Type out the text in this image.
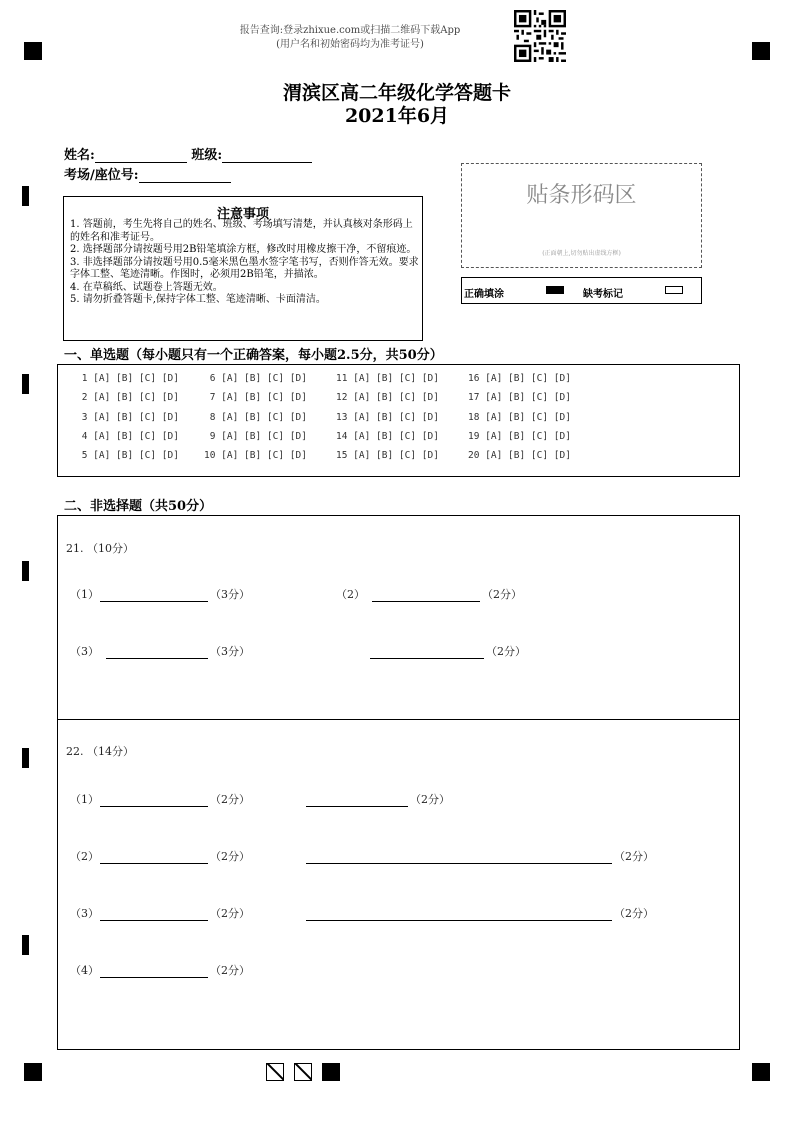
报告查询:登录zhixue.com或扫描二维码下载App
(用户名和初始密码均为准考证号)
渭滨区高二年级化学答题卡
2021年6月
姓名:	班级:
考场/座位号:
贴条形码区
(正面朝上,切勿贴出虚线方框)
正确填涂	缺考标记
注意事项
1. 答题前，考生先将自己的姓名、班级、考场填写清楚，并认真核对条形码上的姓名和准考证号。
2. 选择题部分请按题号用2B铅笔填涂方框，修改时用橡皮擦干净，不留痕迹。
3. 非选择题部分请按题号用0.5毫米黑色墨水签字笔书写，否则作答无效。要求字体工整、笔迹清晰。作图时，必须用2B铅笔，并描浓。
4. 在草稿纸、试题卷上答题无效。
5. 请勿折叠答题卡,保持字体工整、笔迹清晰、卡面清洁。
一、单选题（每小题只有一个正确答案，每小题2.5分，共50分）
1 [A] [B] [C] [D]
2 [A] [B] [C] [D]
3 [A] [B] [C] [D]
4 [A] [B] [C] [D]
5 [A] [B] [C] [D]
6 [A] [B] [C] [D]
7 [A] [B] [C] [D]
8 [A] [B] [C] [D]
9 [A] [B] [C] [D]
10 [A] [B] [C] [D]
11 [A] [B] [C] [D]
12 [A] [B] [C] [D]
13 [A] [B] [C] [D]
14 [A] [B] [C] [D]
15 [A] [B] [C] [D]
16 [A] [B] [C] [D]
17 [A] [B] [C] [D]
18 [A] [B] [C] [D]
19 [A] [B] [C] [D]
20 [A] [B] [C] [D]
二、非选择题（共50分）
21. （10分）
（1）	（3分）	（2）	（2分）
（3）	（3分）	（2分）
22. （14分）
（1）	（2分）	（2分）
（2）	（2分）	（2分）
（3）	（2分）	（2分）
（4）	（2分）
